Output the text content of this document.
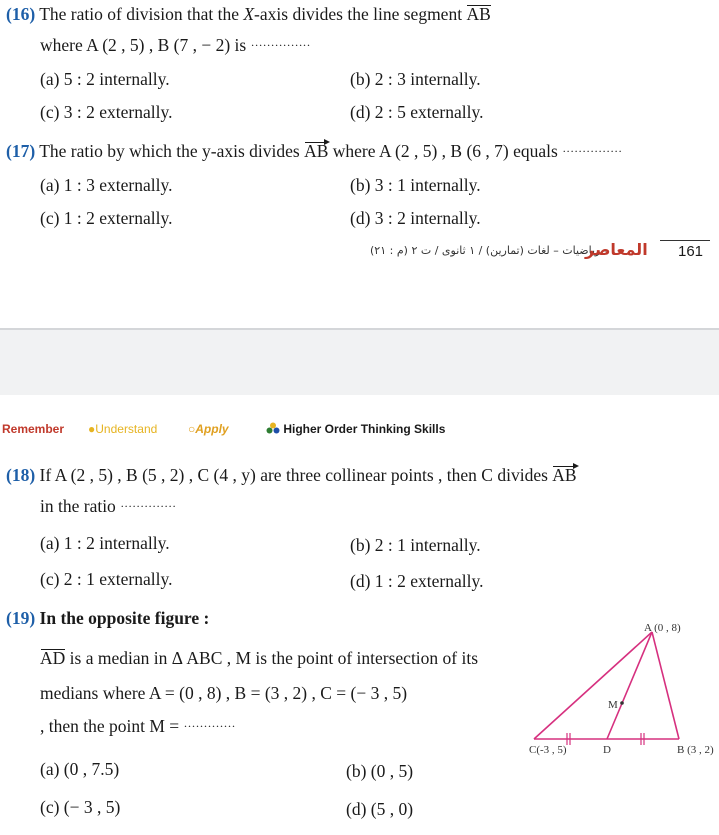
(16) The ratio of division that the X-axis divides the line segment AB
where A (2 , 5) , B (7 , − 2) is ···············
(a) 5 : 2 internally.	(b) 2 : 3 internally.
(c) 3 : 2 externally.	(d) 2 : 5 externally.
(17) The ratio by which the y-axis divides AB where A (2 , 5) , B (6 , 7) equals ···············
(a) 1 : 3 externally.	(b) 3 : 1 internally.
(c) 1 : 2 externally.	(d) 3 : 2 internally.
– رياضيات – لغات (تمارين) / ١ ثانوى / ت ٢ (م : ٢١)
المعاصر 161
Remember ●Understand	○Apply	Higher Order Thinking Skills
(18) If A (2 , 5) , B (5 , 2) , C (4 , y) are three collinear points , then C divides AB
in the ratio ··············
(a) 1 : 2 internally.	(b) 2 : 1 internally.
(c) 2 : 1 externally.	(d) 1 : 2 externally.
(19) In the opposite figure :
AD is a median in Δ ABC , M is the point of intersection of its
medians where A = (0 , 8) , B = (3 , 2) , C = (− 3 , 5)
, then the point M = ·············
(a) (0 , 7.5)	(b) (0 , 5)
(c) (− 3 , 5)	(d) (5 , 0)
A (0 , 8)
B (3 , 2)
C(-3 , 5)	D
M
